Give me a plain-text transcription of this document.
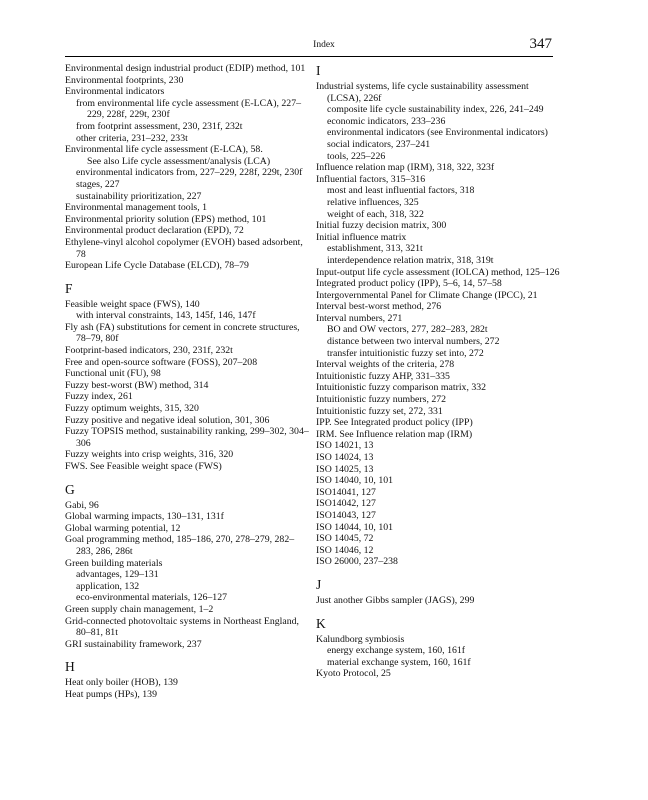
Index	347
Environmental design industrial product (EDIP) method, 101
Environmental footprints, 230
Environmental indicators
from environmental life cycle assessment (E-LCA), 227–229, 228f, 229t, 230f
from footprint assessment, 230, 231f, 232t
other criteria, 231–232, 233t
Environmental life cycle assessment (E-LCA), 58.
See also Life cycle assessment/analysis (LCA)
environmental indicators from, 227–229, 228f, 229t, 230f
stages, 227
sustainability prioritization, 227
Environmental management tools, 1
Environmental priority solution (EPS) method, 101
Environmental product declaration (EPD), 72
Ethylene-vinyl alcohol copolymer (EVOH) based adsorbent, 78
European Life Cycle Database (ELCD), 78–79
F
Feasible weight space (FWS), 140
with interval constraints, 143, 145f, 146, 147f
Fly ash (FA) substitutions for cement in concrete structures, 78–79, 80f
Footprint-based indicators, 230, 231f, 232t
Free and open-source software (FOSS), 207–208
Functional unit (FU), 98
Fuzzy best-worst (BW) method, 314
Fuzzy index, 261
Fuzzy optimum weights, 315, 320
Fuzzy positive and negative ideal solution, 301, 306
Fuzzy TOPSIS method, sustainability ranking, 299–302, 304–306
Fuzzy weights into crisp weights, 316, 320
FWS. See Feasible weight space (FWS)
G
Gabi, 96
Global warming impacts, 130–131, 131f
Global warming potential, 12
Goal programming method, 185–186, 270, 278–279, 282–283, 286, 286t
Green building materials
advantages, 129–131
application, 132
eco-environmental materials, 126–127
Green supply chain management, 1–2
Grid-connected photovoltaic systems in Northeast England, 80–81, 81t
GRI sustainability framework, 237
H
Heat only boiler (HOB), 139
Heat pumps (HPs), 139
I
Industrial systems, life cycle sustainability assessment (LCSA), 226f
composite life cycle sustainability index, 226, 241–249
economic indicators, 233–236
environmental indicators (see Environmental indicators)
social indicators, 237–241
tools, 225–226
Influence relation map (IRM), 318, 322, 323f
Influential factors, 315–316
most and least influential factors, 318
relative influences, 325
weight of each, 318, 322
Initial fuzzy decision matrix, 300
Initial influence matrix
establishment, 313, 321t
interdependence relation matrix, 318, 319t
Input-output life cycle assessment (IOLCA) method, 125–126
Integrated product policy (IPP), 5–6, 14, 57–58
Intergovernmental Panel for Climate Change (IPCC), 21
Interval best-worst method, 276
Interval numbers, 271
BO and OW vectors, 277, 282–283, 282t
distance between two interval numbers, 272
transfer intuitionistic fuzzy set into, 272
Interval weights of the criteria, 278
Intuitionistic fuzzy AHP, 331–335
Intuitionistic fuzzy comparison matrix, 332
Intuitionistic fuzzy numbers, 272
Intuitionistic fuzzy set, 272, 331
IPP. See Integrated product policy (IPP)
IRM. See Influence relation map (IRM)
ISO 14021, 13
ISO 14024, 13
ISO 14025, 13
ISO 14040, 10, 101
ISO14041, 127
ISO14042, 127
ISO14043, 127
ISO 14044, 10, 101
ISO 14045, 72
ISO 14046, 12
ISO 26000, 237–238
J
Just another Gibbs sampler (JAGS), 299
K
Kalundborg symbiosis
energy exchange system, 160, 161f
material exchange system, 160, 161f
Kyoto Protocol, 25
